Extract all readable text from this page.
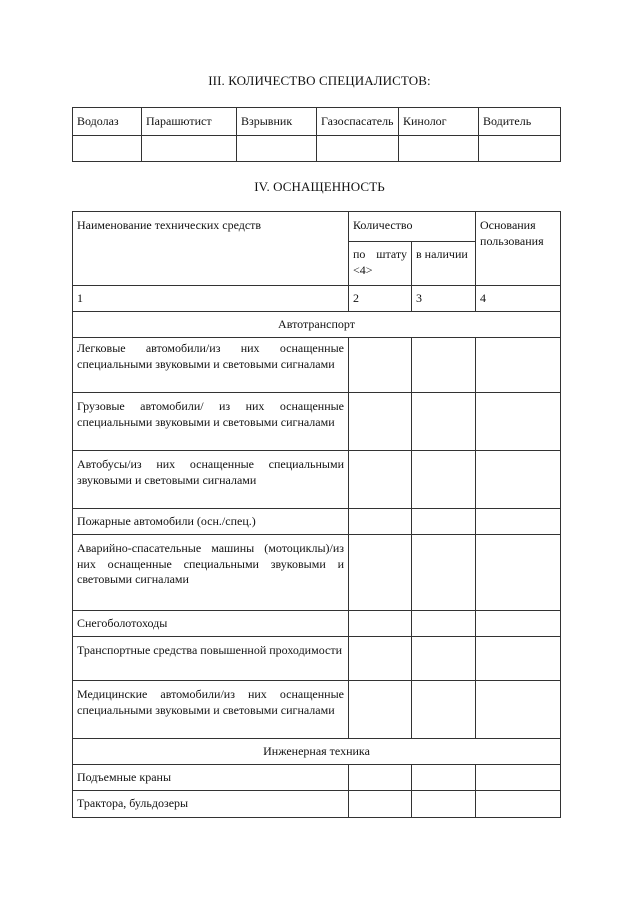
III. КОЛИЧЕСТВО СПЕЦИАЛИСТОВ:
Водолаз	Парашютист	Взрывник	Газоспасатель	Кинолог	Водитель

IV. ОСНАЩЕННОСТЬ
Наименование технических средств	Количество		Основания пользования
	по штату <4>	в наличии	
1	2	3	4
Автотранспорт			
Легковые автомобили/из них оснащенные специальными звуковыми и световыми сигналами			
Грузовые автомобили/ из них оснащенные специальными звуковыми и световыми сигналами			
Автобусы/из них оснащенные специальными звуковыми и световыми сигналами			
Пожарные автомобили (осн./спец.)			
Аварийно-спасательные машины (мотоциклы)/из них оснащенные специальными звуковыми и световыми сигналами			
Снегоболотоходы			
Транспортные средства повышенной проходимости			
Медицинские автомобили/из них оснащенные специальными звуковыми и световыми сигналами			
Инженерная техника			
Подъемные краны			
Трактора, бульдозеры			
